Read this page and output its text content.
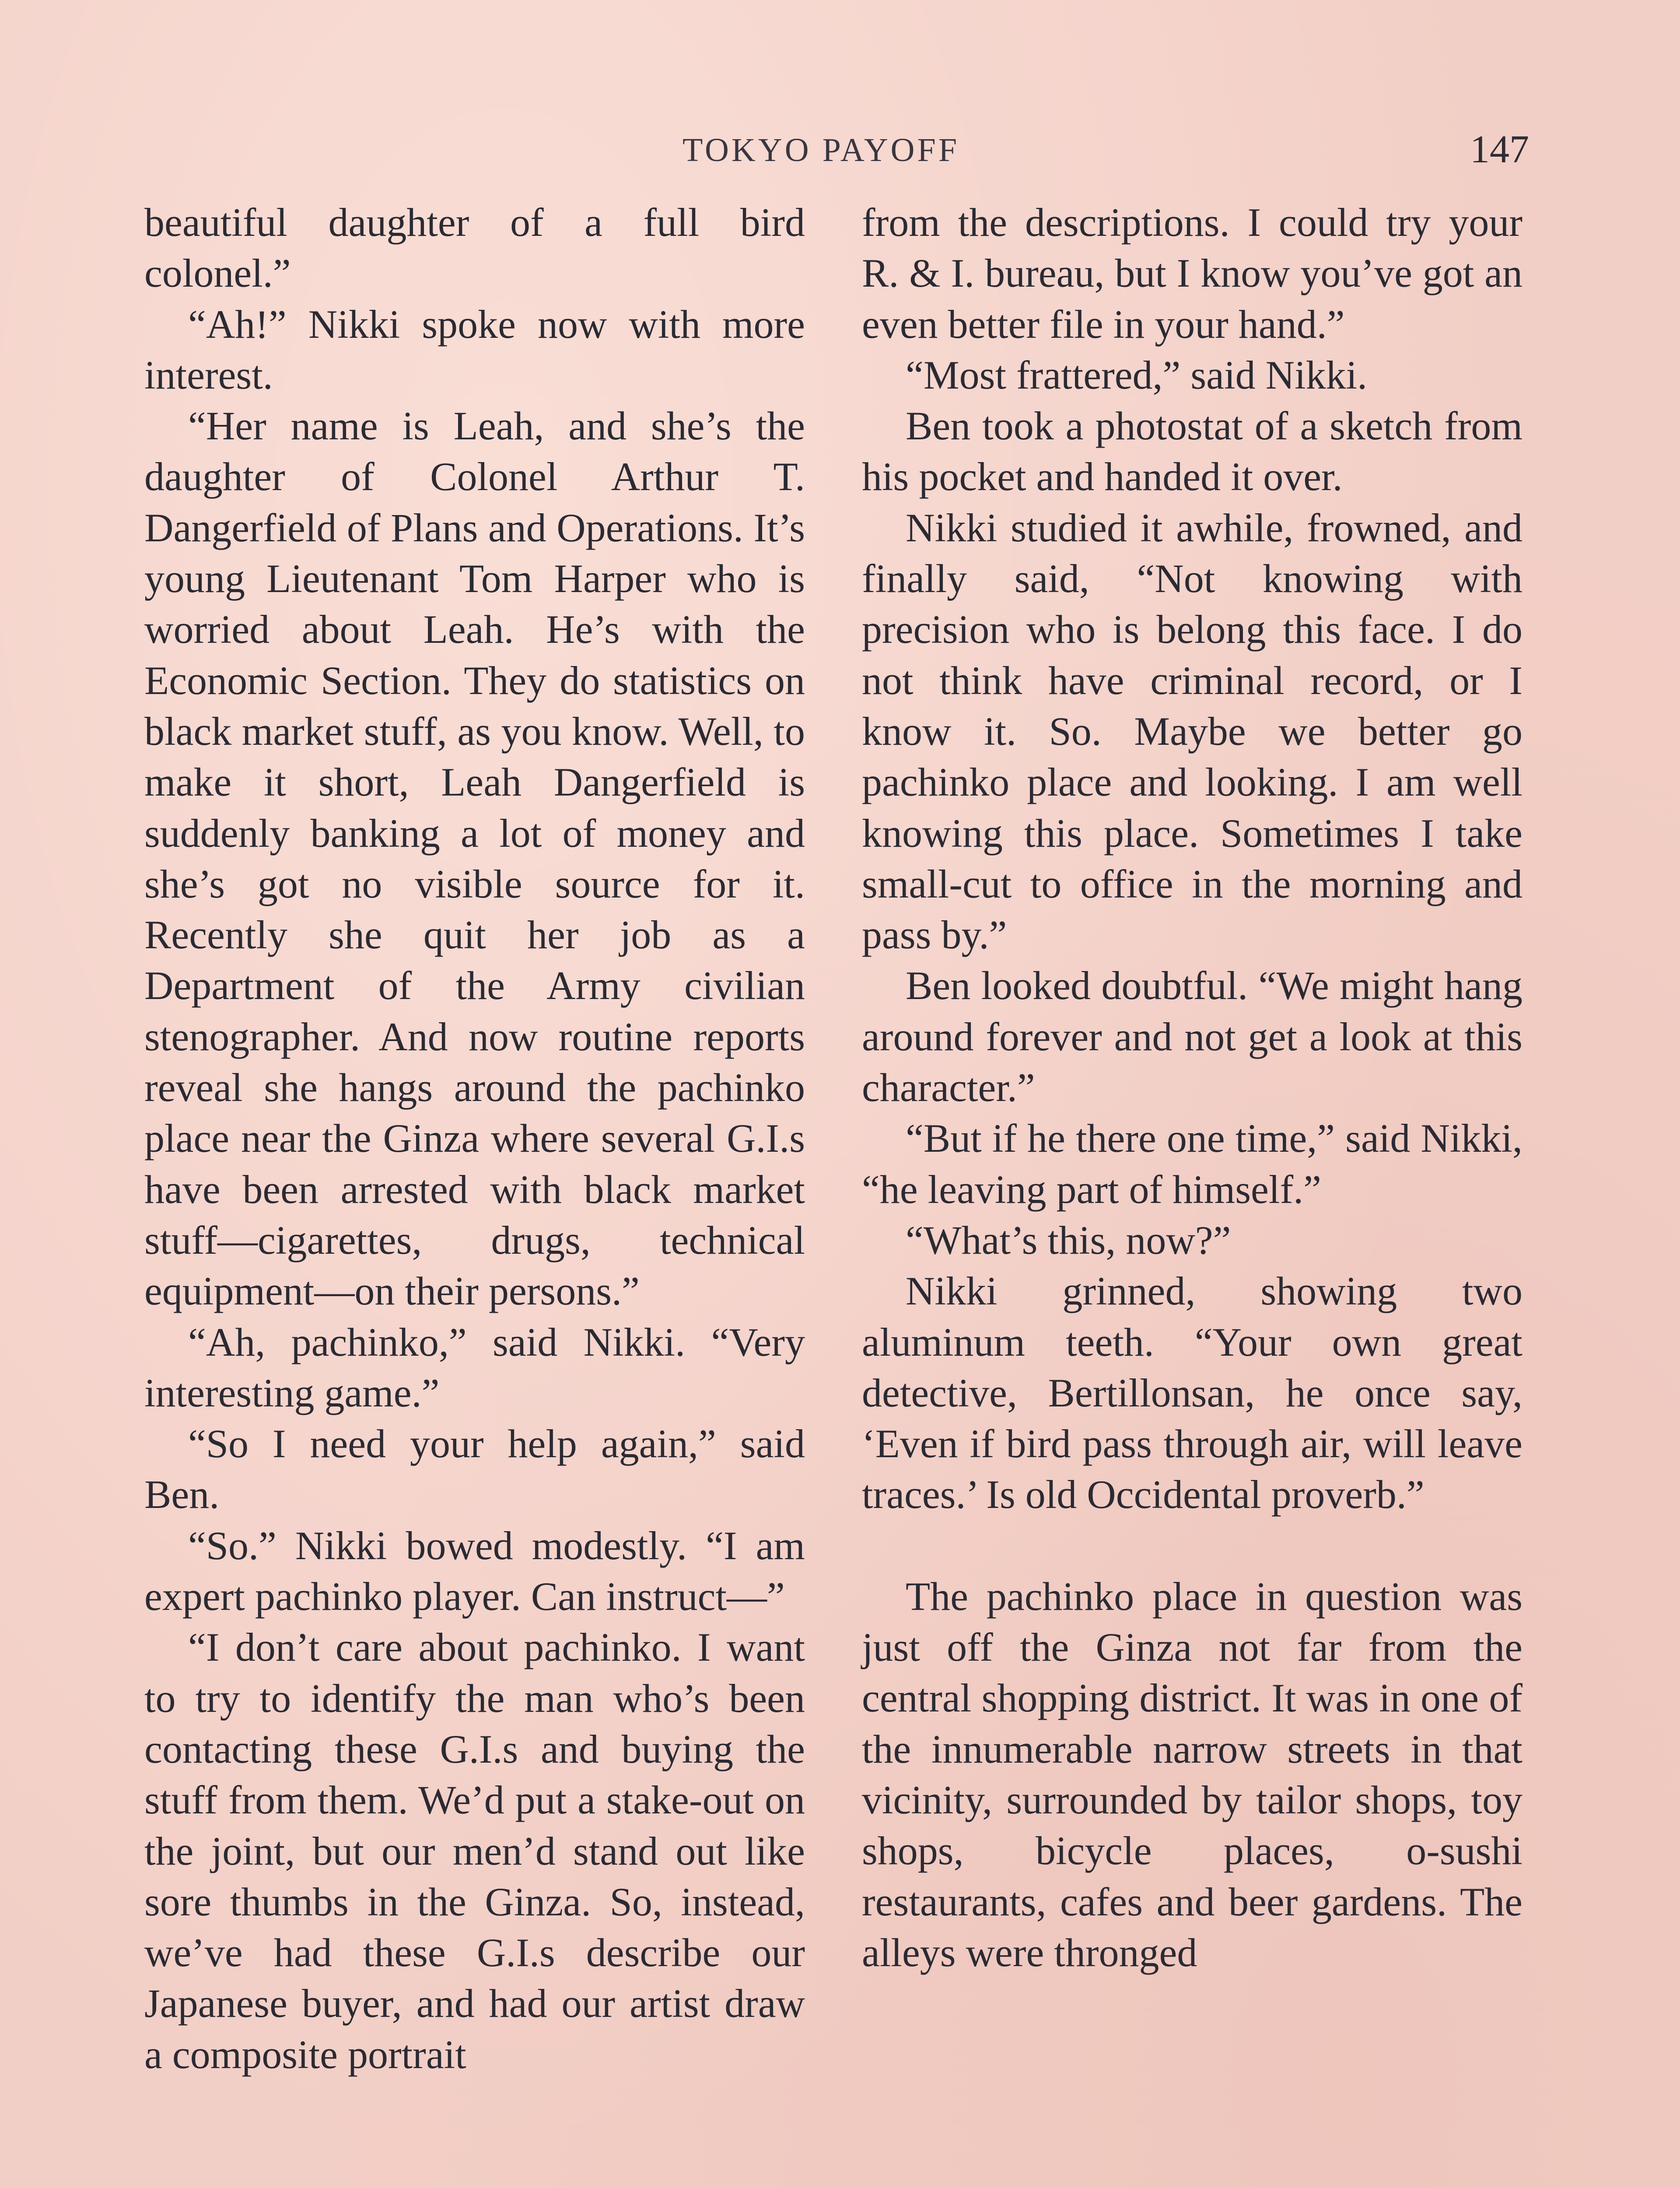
TOKYO PAYOFF	147

beautiful daughter of a full bird colonel.”

“Ah!” Nikki spoke now with more interest.

“Her name is Leah, and she’s the daughter of Colonel Arthur T. Dangerfield of Plans and Operations. It’s young Lieutenant Tom Harper who is worried about Leah. He’s with the Economic Section. They do statistics on black market stuff, as you know. Well, to make it short, Leah Dangerfield is suddenly banking a lot of money and she’s got no visible source for it. Recently she quit her job as a Department of the Army civilian stenographer. And now routine reports reveal she hangs around the pachinko place near the Ginza where several G.I.s have been arrested with black market stuff—cigarettes, drugs, technical equipment—on their persons.”

“Ah, pachinko,” said Nikki. “Very interesting game.”

“So I need your help again,” said Ben.

“So.” Nikki bowed modestly. “I am expert pachinko player. Can instruct—”

“I don’t care about pachinko. I want to try to identify the man who’s been contacting these G.I.s and buying the stuff from them. We’d put a stake-out on the joint, but our men’d stand out like sore thumbs in the Ginza. So, instead, we’ve had these G.I.s describe our Japanese buyer, and had our artist draw a composite portrait

from the descriptions. I could try your R. & I. bureau, but I know you’ve got an even better file in your hand.”

“Most frattered,” said Nikki.

Ben took a photostat of a sketch from his pocket and handed it over.

Nikki studied it awhile, frowned, and finally said, “Not knowing with precision who is belong this face. I do not think have criminal record, or I know it. So. Maybe we better go pachinko place and looking. I am well knowing this place. Sometimes I take small-cut to office in the morning and pass by.”

Ben looked doubtful. “We might hang around forever and not get a look at this character.”

“But if he there one time,” said Nikki, “he leaving part of himself.”

“What’s this, now?”

Nikki grinned, showing two aluminum teeth. “Your own great detective, Bertillonsan, he once say, ‘Even if bird pass through air, will leave traces.’ Is old Occidental proverb.”

The pachinko place in question was just off the Ginza not far from the central shopping district. It was in one of the innumerable narrow streets in that vicinity, surrounded by tailor shops, toy shops, bicycle places, o-sushi restaurants, cafes and beer gardens. The alleys were thronged
